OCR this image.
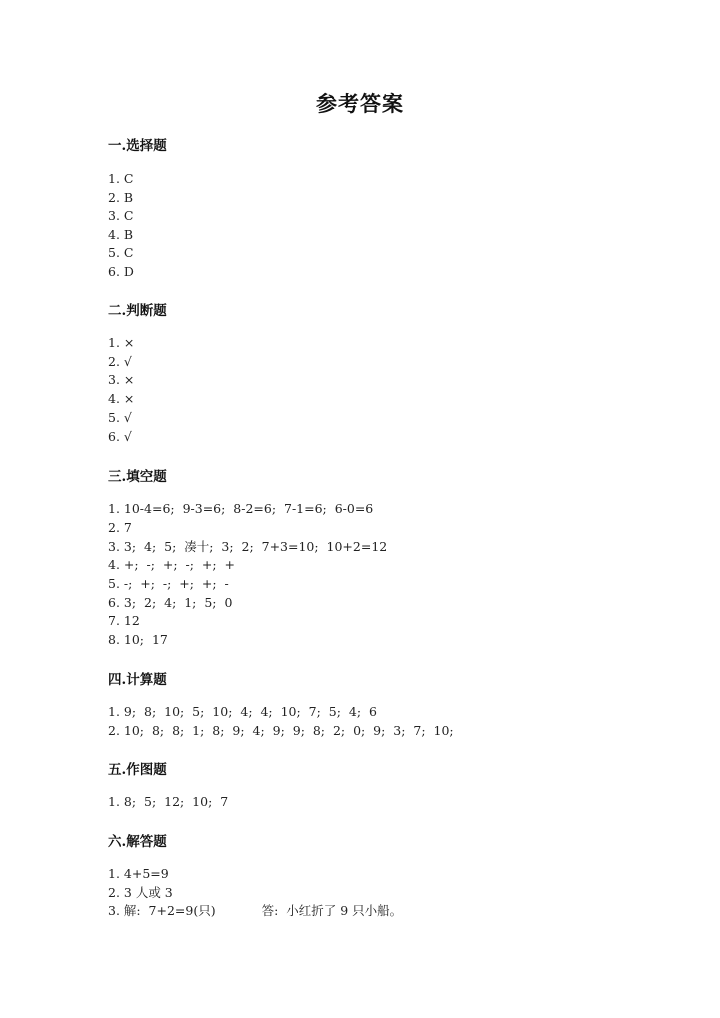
参考答案
一.选择题
1. C
2. B
3. C
4. B
5. C
6. D
二.判断题
1. ×
2. √
3. ×
4. ×
5. √
6. √
三.填空题
1. 10-4=6;  9-3=6;  8-2=6;  7-1=6;  6-0=6
2. 7
3. 3;  4;  5;  凑十;  3;  2;  7+3=10;  10+2=12
4. +;  -;  +;  -;  +;  +
5. -;  +;  -;  +;  +;  -
6. 3;  2;  4;  1;  5;  0
7. 12
8. 10;  17
四.计算题
1. 9;  8;  10;  5;  10;  4;  4;  10;  7;  5;  4;  6
2. 10;  8;  8;  1;  8;  9;  4;  9;  9;  8;  2;  0;  9;  3;  7;  10;
五.作图题
1. 8;  5;  12;  10;  7
六.解答题
1. 4+5=9
2. 3 人或 3
3. 解:  7+2=9(只)	答:  小红折了 9 只小船。
